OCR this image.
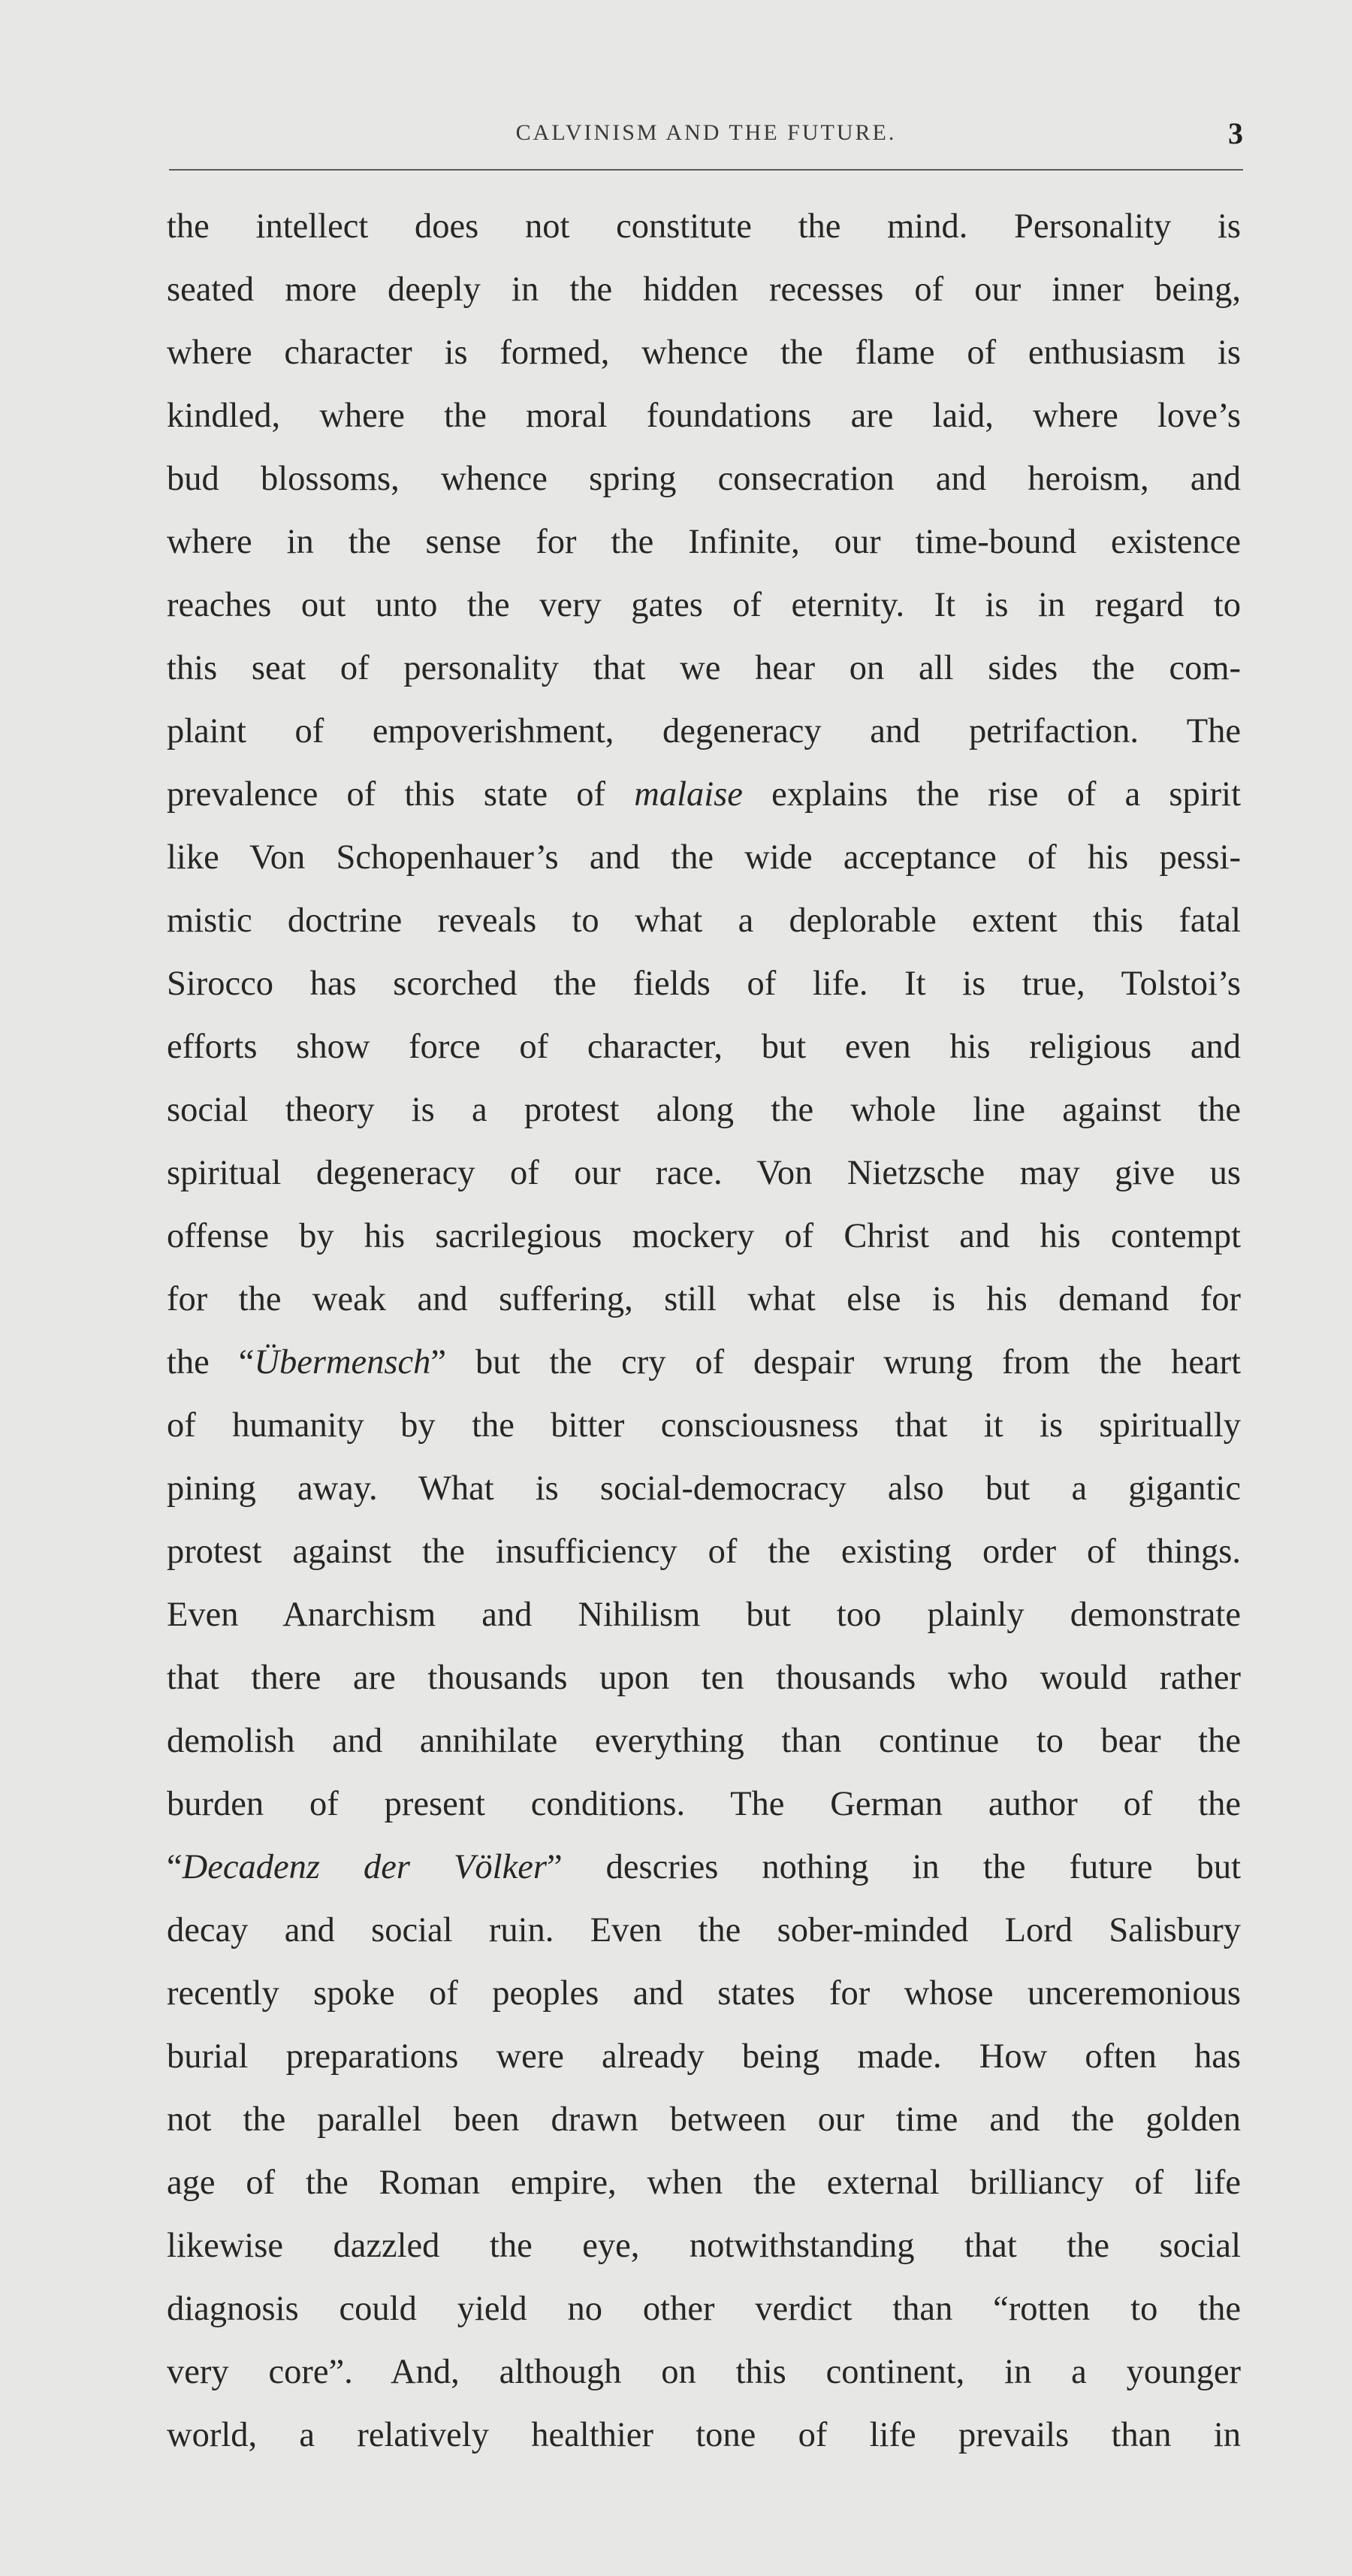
CALVINISM AND THE FUTURE.	3
the intellect does not constitute the mind. Personality is
seated more deeply in the hidden recesses of our inner being,
where character is formed, whence the flame of enthusiasm is
kindled, where the moral foundations are laid, where love’s
bud blossoms, whence spring consecration and heroism, and
where in the sense for the Infinite, our time-bound existence
reaches out unto the very gates of eternity. It is in regard to
this seat of personality that we hear on all sides the com-
plaint of empoverishment, degeneracy and petrifaction. The
prevalence of this state of malaise explains the rise of a spirit
like Von Schopenhauer’s and the wide acceptance of his pessi-
mistic doctrine reveals to what a deplorable extent this fatal
Sirocco has scorched the fields of life. It is true, Tolstoi’s
efforts show force of character, but even his religious and
social theory is a protest along the whole line against the
spiritual degeneracy of our race. Von Nietzsche may give us
offense by his sacrilegious mockery of Christ and his contempt
for the weak and suffering, still what else is his demand for
the “Übermensch” but the cry of despair wrung from the heart
of humanity by the bitter consciousness that it is spiritually
pining away. What is social-democracy also but a gigantic
protest against the insufficiency of the existing order of things.
Even Anarchism and Nihilism but too plainly demonstrate
that there are thousands upon ten thousands who would rather
demolish and annihilate everything than continue to bear the
burden of present conditions. The German author of the
“Decadenz der Völker” descries nothing in the future but
decay and social ruin. Even the sober-minded Lord Salisbury
recently spoke of peoples and states for whose unceremonious
burial preparations were already being made. How often has
not the parallel been drawn between our time and the golden
age of the Roman empire, when the external brilliancy of life
likewise dazzled the eye, notwithstanding that the social
diagnosis could yield no other verdict than “rotten to the
very core”. And, although on this continent, in a younger
world, a relatively healthier tone of life prevails than in
